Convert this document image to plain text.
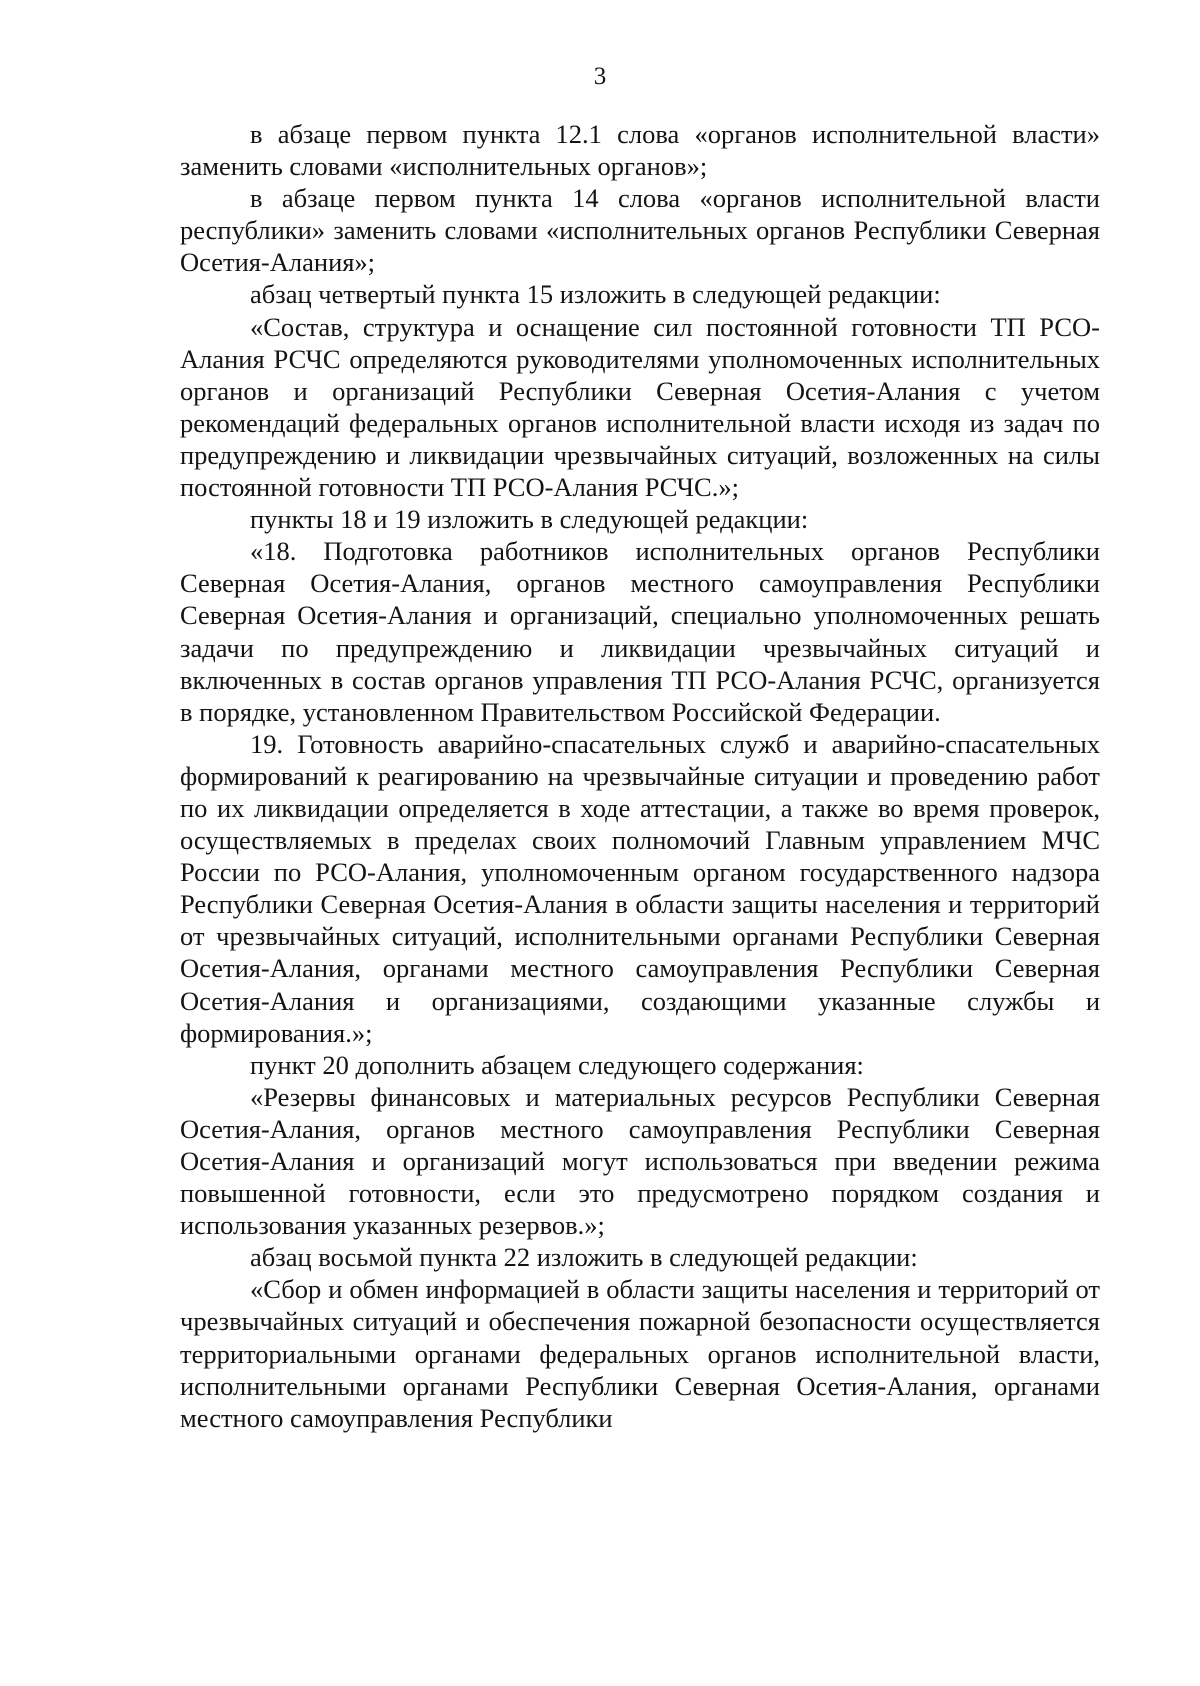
3

в абзаце первом пункта 12.1 слова «органов исполнительной власти» заменить словами «исполнительных органов»;

в абзаце первом пункта 14 слова «органов исполнительной власти республики» заменить словами «исполнительных органов Республики Северная Осетия-Алания»;

абзац четвертый пункта 15 изложить в следующей редакции:

«Состав, структура и оснащение сил постоянной готовности ТП РСО-Алания РСЧС определяются руководителями уполномоченных исполнительных органов и организаций Республики Северная Осетия-Алания с учетом рекомендаций федеральных органов исполнительной власти исходя из задач по предупреждению и ликвидации чрезвычайных ситуаций, возложенных на силы постоянной готовности ТП РСО-Алания РСЧС.»;

пункты 18 и 19 изложить в следующей редакции:

«18. Подготовка работников исполнительных органов Республики Северная Осетия-Алания, органов местного самоуправления Республики Северная Осетия-Алания и организаций, специально уполномоченных решать задачи по предупреждению и ликвидации чрезвычайных ситуаций и включенных в состав органов управления ТП РСО-Алания РСЧС, организуется в порядке, установленном Правительством Российской Федерации.

19. Готовность аварийно-спасательных служб и аварийно-спасательных формирований к реагированию на чрезвычайные ситуации и проведению работ по их ликвидации определяется в ходе аттестации, а также во время проверок, осуществляемых в пределах своих полномочий Главным управлением МЧС России по РСО-Алания, уполномоченным органом государственного надзора Республики Северная Осетия-Алания в области защиты населения и территорий от чрезвычайных ситуаций, исполнительными органами Республики Северная Осетия-Алания, органами местного самоуправления Республики Северная Осетия-Алания и организациями, создающими указанные службы и формирования.»;

пункт 20 дополнить абзацем следующего содержания:

«Резервы финансовых и материальных ресурсов Республики Северная Осетия-Алания, органов местного самоуправления Республики Северная Осетия-Алания и организаций могут использоваться при введении режима повышенной готовности, если это предусмотрено порядком создания и использования указанных резервов.»;

абзац восьмой пункта 22 изложить в следующей редакции:

«Сбор и обмен информацией в области защиты населения и территорий от чрезвычайных ситуаций и обеспечения пожарной безопасности осуществляется территориальными органами федеральных органов исполнительной власти, исполнительными органами Республики Северная Осетия-Алания, органами местного самоуправления Республики
